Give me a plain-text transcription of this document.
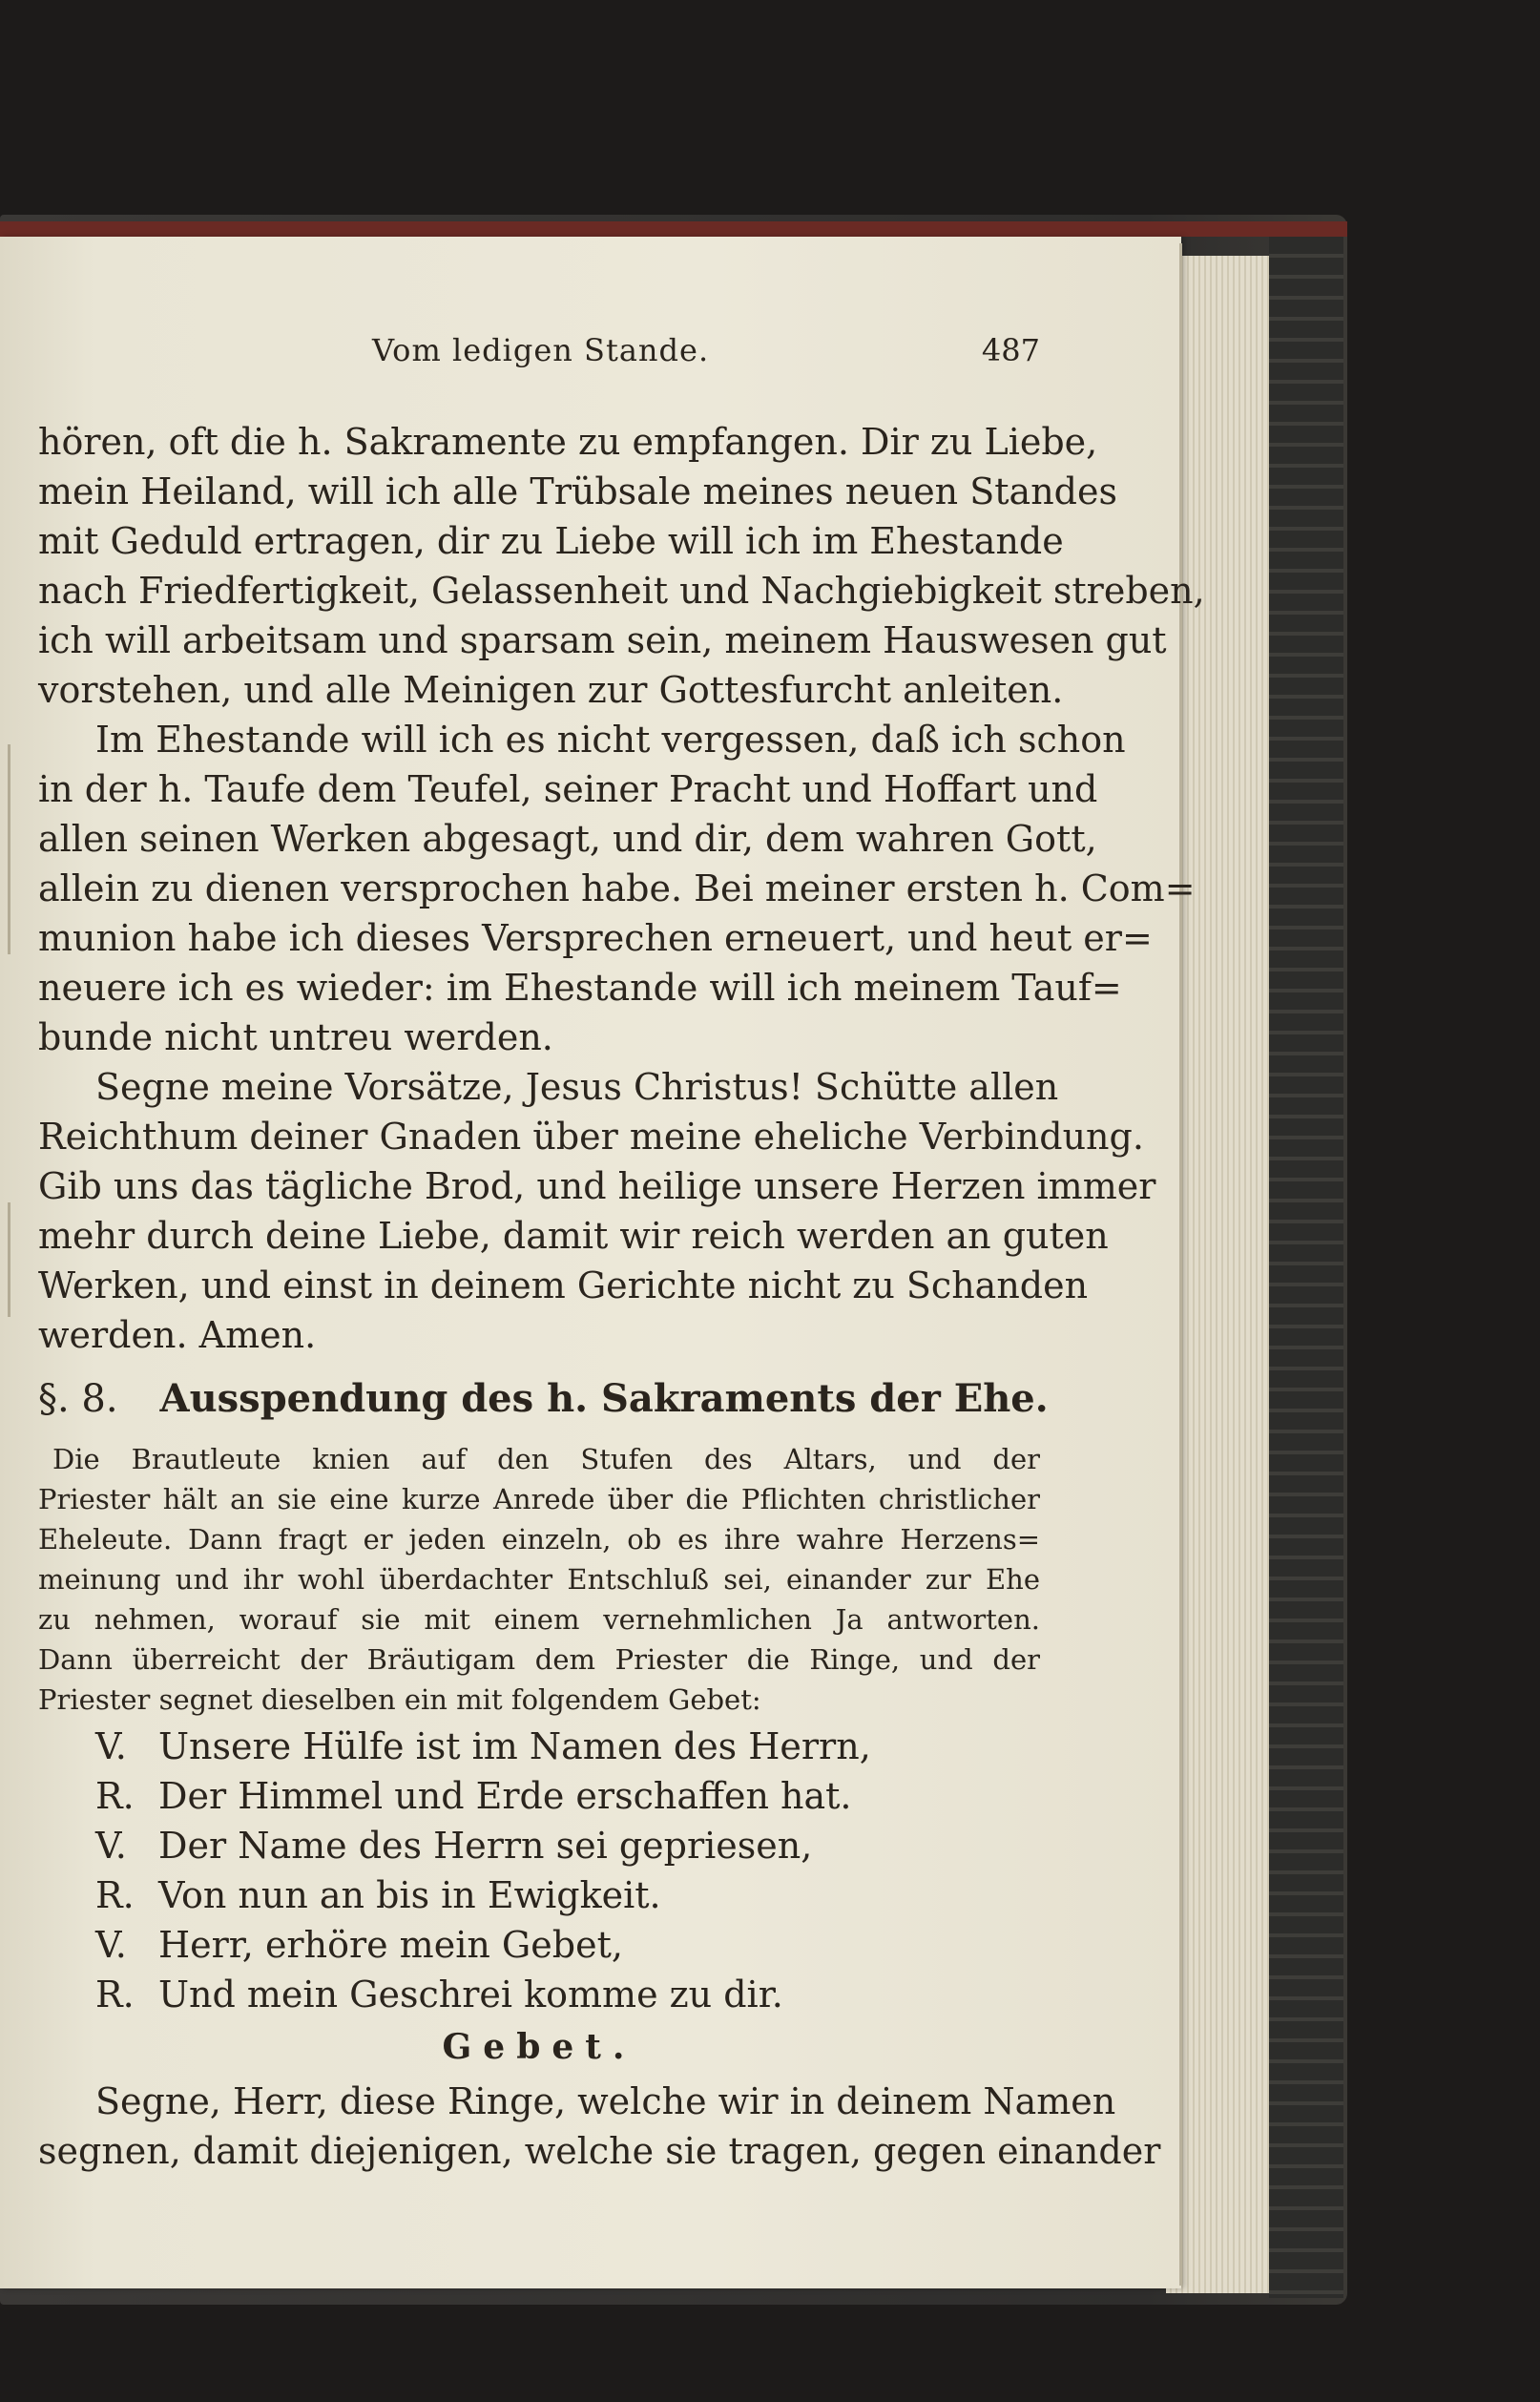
Vom ledigen Stande.	487
hören, oft die h. Sakramente zu empfangen. Dir zu Liebe,
mein Heiland, will ich alle Trübsale meines neuen Standes
mit Geduld ertragen, dir zu Liebe will ich im Ehestande
nach Friedfertigkeit, Gelassenheit und Nachgiebigkeit streben,
ich will arbeitsam und sparsam sein, meinem Hauswesen gut
vorstehen, und alle Meinigen zur Gottesfurcht anleiten.
Im Ehestande will ich es nicht vergessen, daß ich schon
in der h. Taufe dem Teufel, seiner Pracht und Hoffart und
allen seinen Werken abgesagt, und dir, dem wahren Gott,
allein zu dienen versprochen habe. Bei meiner ersten h. Com=
munion habe ich dieses Versprechen erneuert, und heut er=
neuere ich es wieder: im Ehestande will ich meinem Tauf=
bunde nicht untreu werden.
Segne meine Vorsätze, Jesus Christus! Schütte allen
Reichthum deiner Gnaden über meine eheliche Verbindung.
Gib uns das tägliche Brod, und heilige unsere Herzen immer
mehr durch deine Liebe, damit wir reich werden an guten
Werken, und einst in deinem Gerichte nicht zu Schanden
werden. Amen.
§. 8. Ausspendung des h. Sakraments der Ehe.
Die Brautleute knien auf den Stufen des Altars, und der
Priester hält an sie eine kurze Anrede über die Pflichten christlicher
Eheleute. Dann fragt er jeden einzeln, ob es ihre wahre Herzens=
meinung und ihr wohl überdachter Entschluß sei, einander zur Ehe
zu nehmen, worauf sie mit einem vernehmlichen Ja antworten.
Dann überreicht der Bräutigam dem Priester die Ringe, und der
Priester segnet dieselben ein mit folgendem Gebet:
V. Unsere Hülfe ist im Namen des Herrn,
R. Der Himmel und Erde erschaffen hat.
V. Der Name des Herrn sei gepriesen,
R. Von nun an bis in Ewigkeit.
V. Herr, erhöre mein Gebet,
R. Und mein Geschrei komme zu dir.
Gebet.
Segne, Herr, diese Ringe, welche wir in deinem Namen
segnen, damit diejenigen, welche sie tragen, gegen einander
